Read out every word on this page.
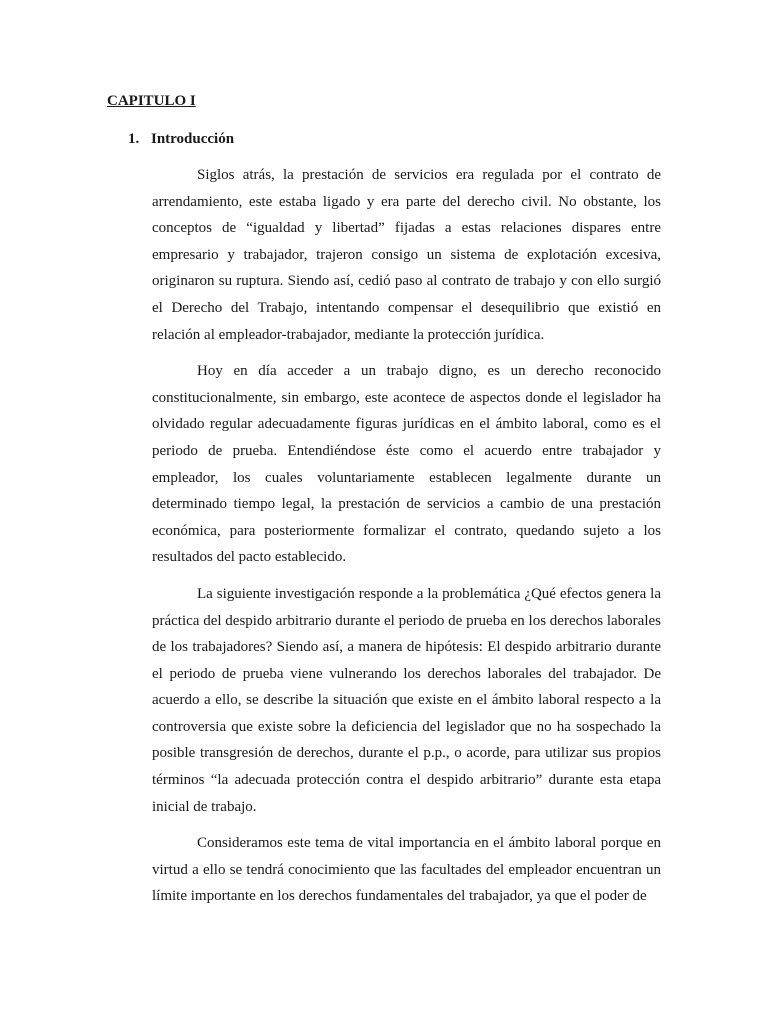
CAPITULO I
1. Introducción

Siglos atrás, la prestación de servicios era regulada por el contrato de arrendamiento, este estaba ligado y era parte del derecho civil. No obstante, los conceptos de “igualdad y libertad” fijadas a estas relaciones dispares entre empresario y trabajador, trajeron consigo un sistema de explotación excesiva, originaron su ruptura. Siendo así, cedió paso al contrato de trabajo y con ello surgió el Derecho del Trabajo, intentando compensar el desequilibrio que existió en relación al empleador-trabajador, mediante la protección jurídica.

Hoy en día acceder a un trabajo digno, es un derecho reconocido constitucionalmente, sin embargo, este acontece de aspectos donde el legislador ha olvidado regular adecuadamente figuras jurídicas en el ámbito laboral, como es el periodo de prueba. Entendiéndose éste como el acuerdo entre trabajador y empleador, los cuales voluntariamente establecen legalmente durante un determinado tiempo legal, la prestación de servicios a cambio de una prestación económica, para posteriormente formalizar el contrato, quedando sujeto a los resultados del pacto establecido.

La siguiente investigación responde a la problemática ¿Qué efectos genera la práctica del despido arbitrario durante el periodo de prueba en los derechos laborales de los trabajadores? Siendo así, a manera de hipótesis: El despido arbitrario durante el periodo de prueba viene vulnerando los derechos laborales del trabajador. De acuerdo a ello, se describe la situación que existe en el ámbito laboral respecto a la controversia que existe sobre la deficiencia del legislador que no ha sospechado la posible transgresión de derechos, durante el p.p., o acorde, para utilizar sus propios términos “la adecuada protección contra el despido arbitrario” durante esta etapa inicial de trabajo.

Consideramos este tema de vital importancia en el ámbito laboral porque en virtud a ello se tendrá conocimiento que las facultades del empleador encuentran un límite importante en los derechos fundamentales del trabajador, ya que el poder de
